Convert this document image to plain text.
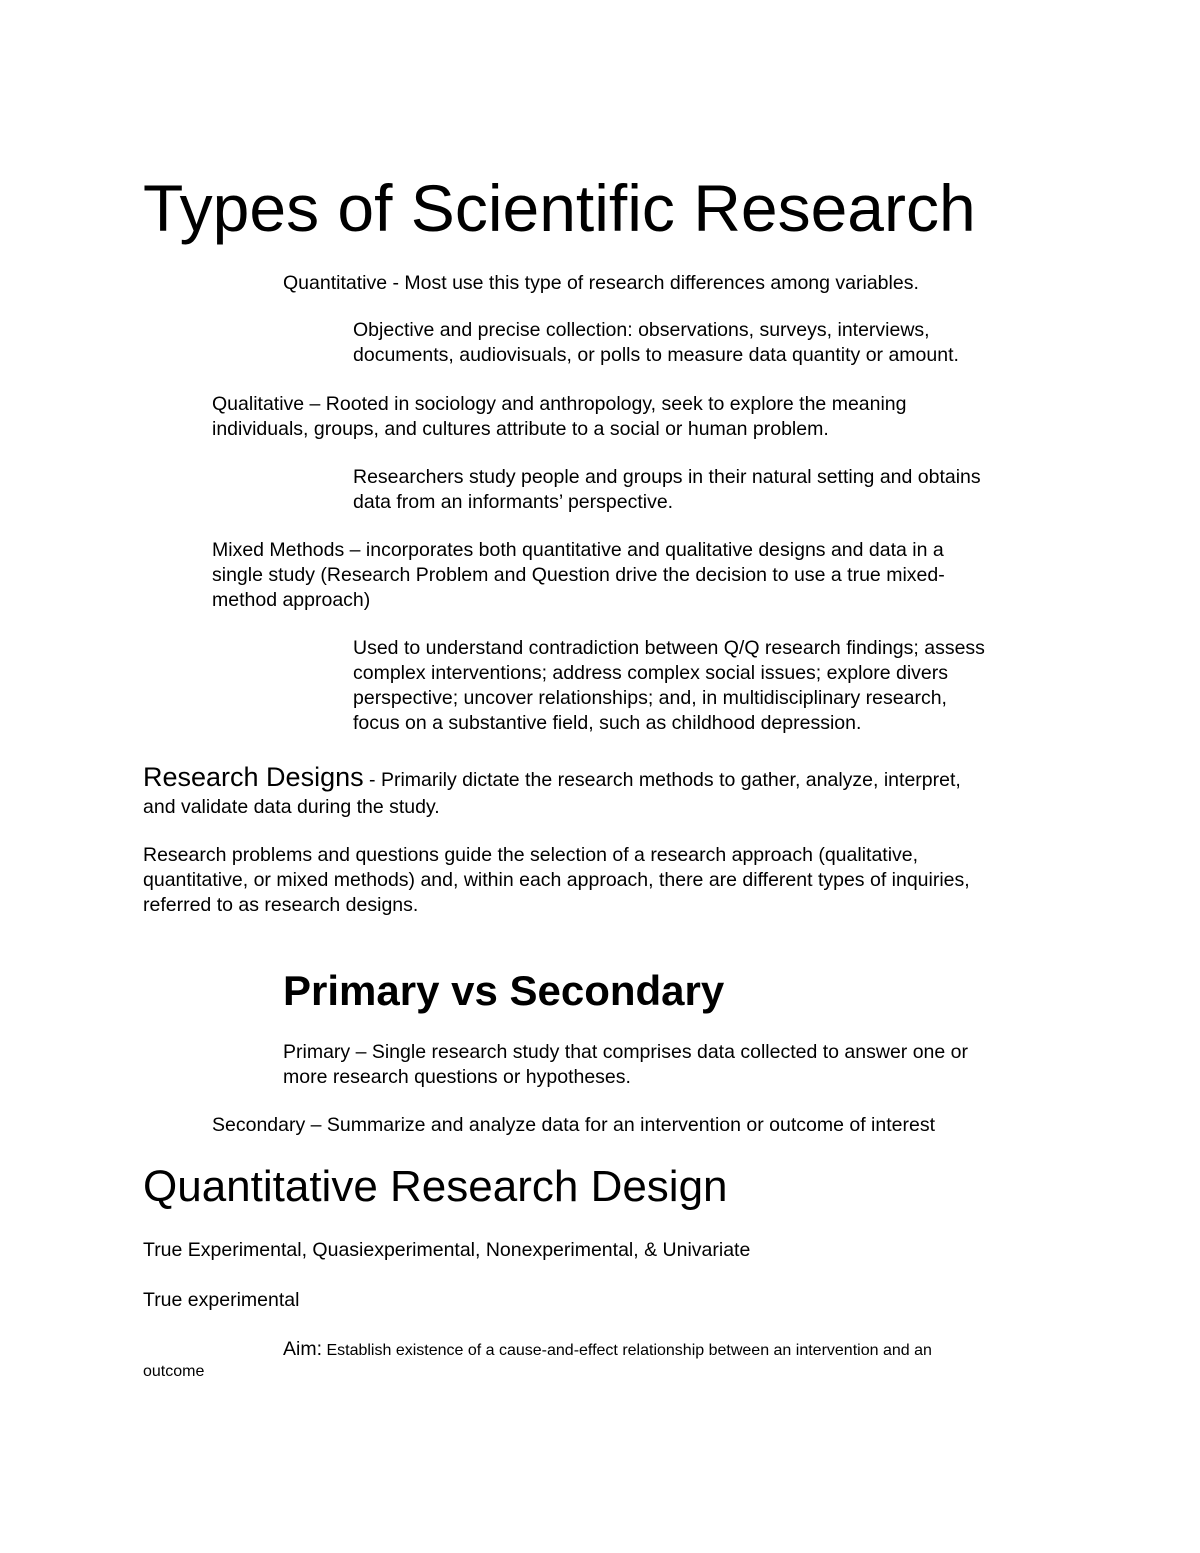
Types of Scientific Research

Quantitative - Most use this type of research differences among variables.

Objective and precise collection: observations, surveys, interviews,
documents, audiovisuals, or polls to measure data quantity or amount.
Qualitative – Rooted in sociology and anthropology, seek to explore the meaning
individuals, groups, and cultures attribute to a social or human problem.
Researchers study people and groups in their natural setting and obtains
data from an informants’ perspective.
Mixed Methods – incorporates both quantitative and qualitative designs and data in a
single study (Research Problem and Question drive the decision to use a true mixed-
method approach)
Used to understand contradiction between Q/Q research findings; assess
complex interventions; address complex social issues; explore divers
perspective; uncover relationships; and, in multidisciplinary research,
focus on a substantive field, such as childhood depression.
Research Designs - Primarily dictate the research methods to gather, analyze, interpret,
and validate data during the study.
Research problems and questions guide the selection of a research approach (qualitative,
quantitative, or mixed methods) and, within each approach, there are different types of inquiries,
referred to as research designs.
Primary vs Secondary
Primary – Single research study that comprises data collected to answer one or
more research questions or hypotheses.

Secondary – Summarize and analyze data for an intervention or outcome of interest

Quantitative Research Design

True Experimental, Quasiexperimental, Nonexperimental, & Univariate

True experimental

Aim: Establish existence of a cause-and-effect relationship between an intervention and an
outcome
